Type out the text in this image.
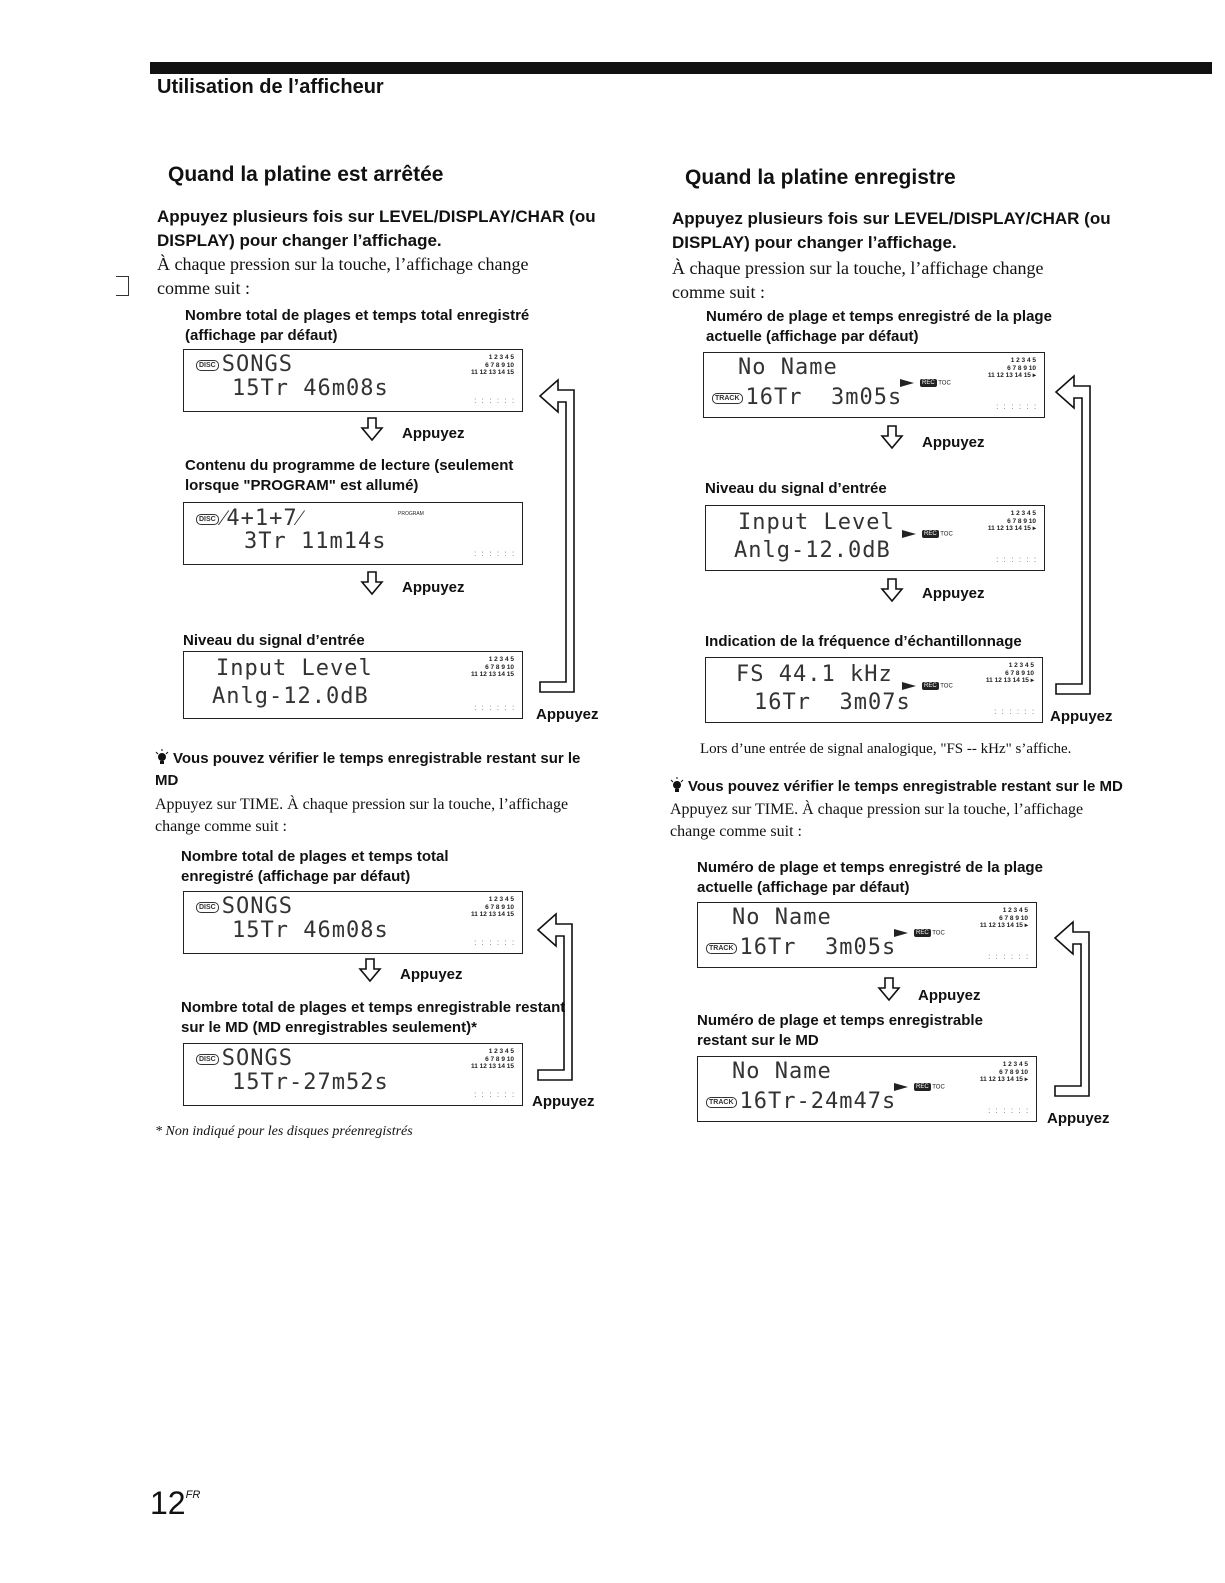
Utilisation de l’afficheur
Quand la platine est arrêtée
Appuyez plusieurs fois sur LEVEL/DISPLAY/CHAR (ou DISPLAY) pour changer l’affichage.
À chaque pression sur la touche, l’affichage change comme suit :
Nombre total de plages et temps total enregistré (affichage par défaut)
DISC SONGS
15Tr 46m08s
1 2 3 4 5
6 7 8 9 10
11 12 13 14 15
⁚ ⁚ ⁚ ⁚ ⁚ ⁚
Appuyez
Contenu du programme de lecture (seulement lorsque "PROGRAM" est allumé)
DISC ⁄4+1+7⁄
3Tr 11m14s
PROGRAM
⁚ ⁚ ⁚ ⁚ ⁚ ⁚
Appuyez
Niveau du signal d’entrée
Input Level
Anlg-12.0dB
1 2 3 4 5
6 7 8 9 10
11 12 13 14 15
⁚ ⁚ ⁚ ⁚ ⁚ ⁚ Appuyez
Vous pouvez vérifier le temps enregistrable restant sur le MD
Appuyez sur TIME. À chaque pression sur la touche, l’affichage change comme suit :
Nombre total de plages et temps total enregistré (affichage par défaut)
DISC SONGS
15Tr 46m08s
1 2 3 4 5
6 7 8 9 10
11 12 13 14 15
⁚ ⁚ ⁚ ⁚ ⁚ ⁚
Appuyez
Nombre total de plages et temps enregistrable restant sur le MD (MD enregistrables seulement)*
DISC SONGS
15Tr-27m52s
1 2 3 4 5
6 7 8 9 10
11 12 13 14 15
⁚ ⁚ ⁚ ⁚ ⁚ ⁚ Appuyez
* Non indiqué pour les disques préenregistrés
Quand la platine enregistre
Appuyez plusieurs fois sur LEVEL/DISPLAY/CHAR (ou DISPLAY) pour changer l’affichage.
À chaque pression sur la touche, l’affichage change comme suit :
Numéro de plage et temps enregistré de la plage actuelle (affichage par défaut)
No Name
TRACK 16Tr  3m05s
REC TOC
1 2 3 4 5
6 7 8 9 10
11 12 13 14 15 ▸
⁚ ⁚ ⁚ ⁚ ⁚ ⁚
Appuyez
Niveau du signal d’entrée
Input Level
Anlg-12.0dB
REC TOC
1 2 3 4 5
6 7 8 9 10
11 12 13 14 15 ▸
⁚ ⁚ ⁚ ⁚ ⁚ ⁚
Appuyez
Indication de la fréquence d’échantillonnage
FS 44.1 kHz
16Tr  3m07s
REC TOC
1 2 3 4 5
6 7 8 9 10
11 12 13 14 15 ▸
⁚ ⁚ ⁚ ⁚ ⁚ ⁚ Appuyez
Lors d’une entrée de signal analogique, "FS -- kHz" s’affiche.
Vous pouvez vérifier le temps enregistrable restant sur le MD
Appuyez sur TIME. À chaque pression sur la touche, l’affichage change comme suit :
Numéro de plage et temps enregistré de la plage actuelle (affichage par défaut)
No Name
TRACK 16Tr  3m05s
REC TOC
1 2 3 4 5
6 7 8 9 10
11 12 13 14 15 ▸
⁚ ⁚ ⁚ ⁚ ⁚ ⁚
Appuyez
Numéro de plage et temps enregistrable restant sur le MD
No Name
TRACK 16Tr-24m47s
REC TOC
1 2 3 4 5
6 7 8 9 10
11 12 13 14 15 ▸
⁚ ⁚ ⁚ ⁚ ⁚ ⁚ Appuyez
$12^{FR}$
